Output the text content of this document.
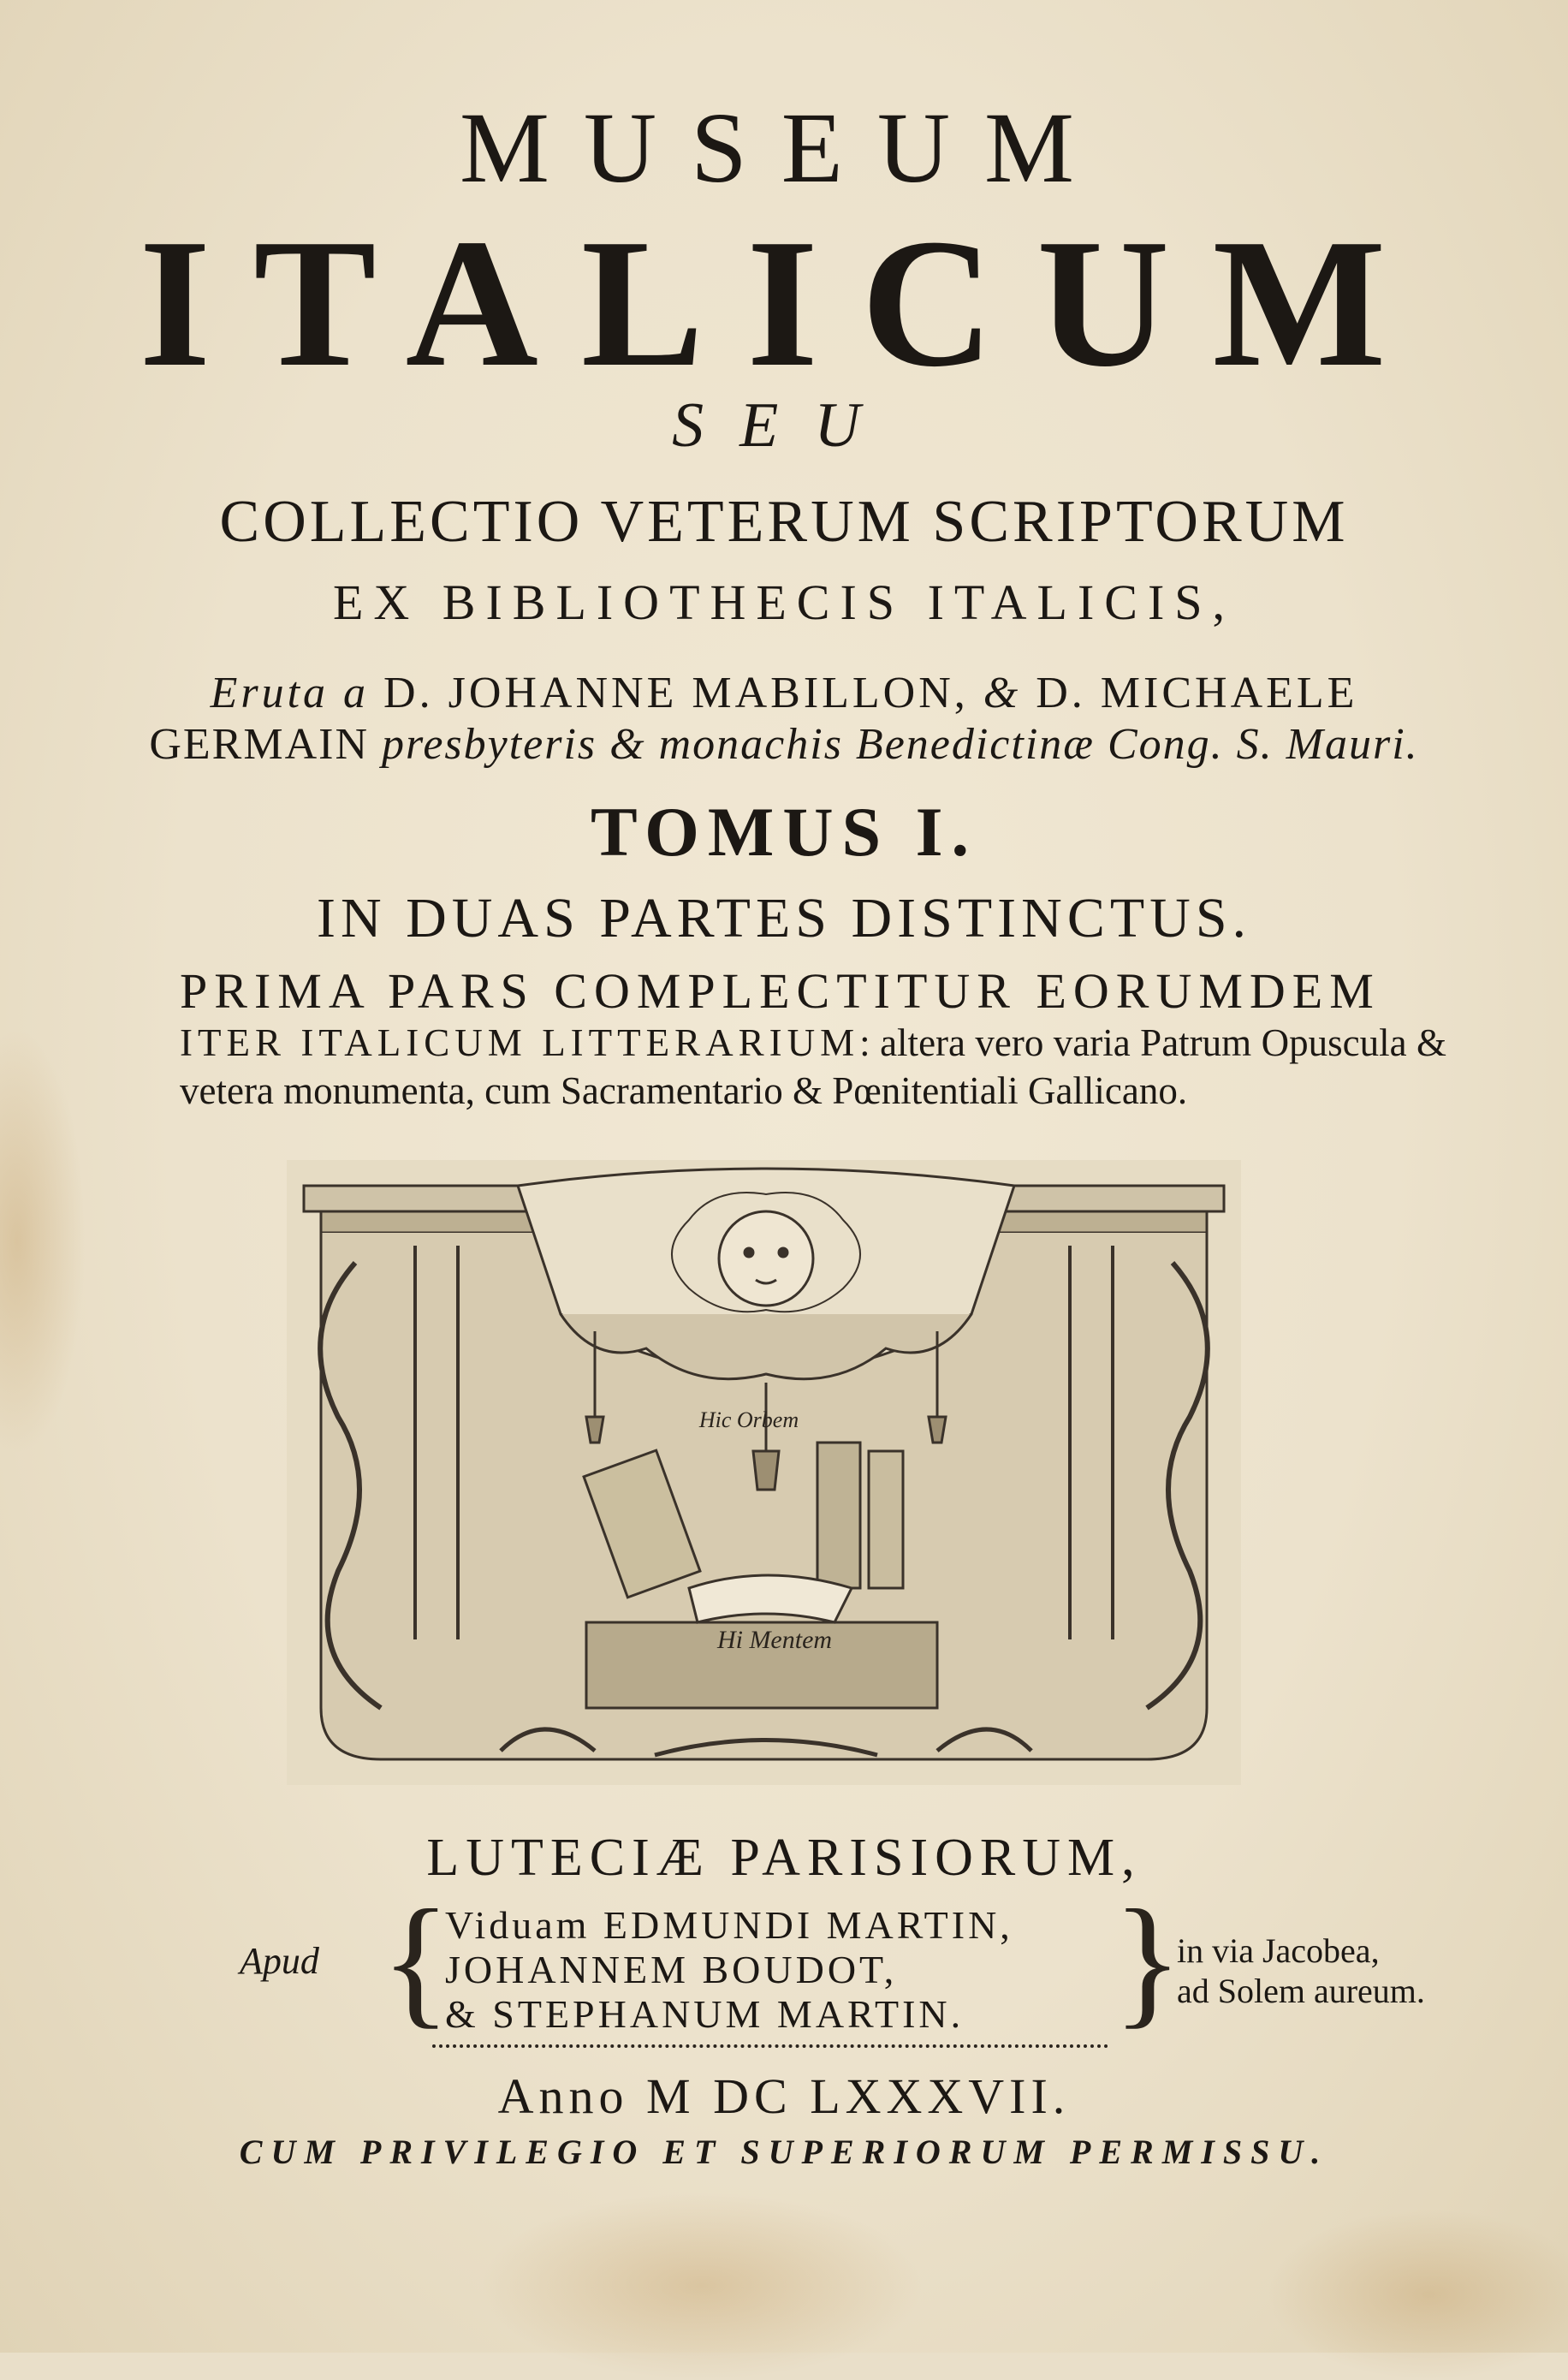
MUSEUM
ITALICUM
SEU
COLLECTIO VETERUM SCRIPTORUM
EX BIBLIOTHECIS ITALICIS,
Eruta a D. JOHANNE MABILLON, & D. MICHAELE
GERMAIN presbyteris & monachis Benedictinæ Cong. S. Mauri.
TOMUS I.
IN DUAS PARTES DISTINCTUS.
PRIMA PARS COMPLECTITUR EORUMDEM
ITER ITALICUM LITTERARIUM: altera vero varia Patrum Opuscula & vetera monumenta, cum Sacramentario & Pœnitentiali Gallicano.
Hic Orbem
Hi Mentem
LUTECIÆ PARISIORUM,
Apud {
Viduam EDMUNDI MARTIN,
JOHANNEM BOUDOT,
& STEPHANUM MARTIN. }
in via Jacobea,
ad Solem aureum.
Anno M DC LXXXVII.
CUM PRIVILEGIO ET SUPERIORUM PERMISSU.
